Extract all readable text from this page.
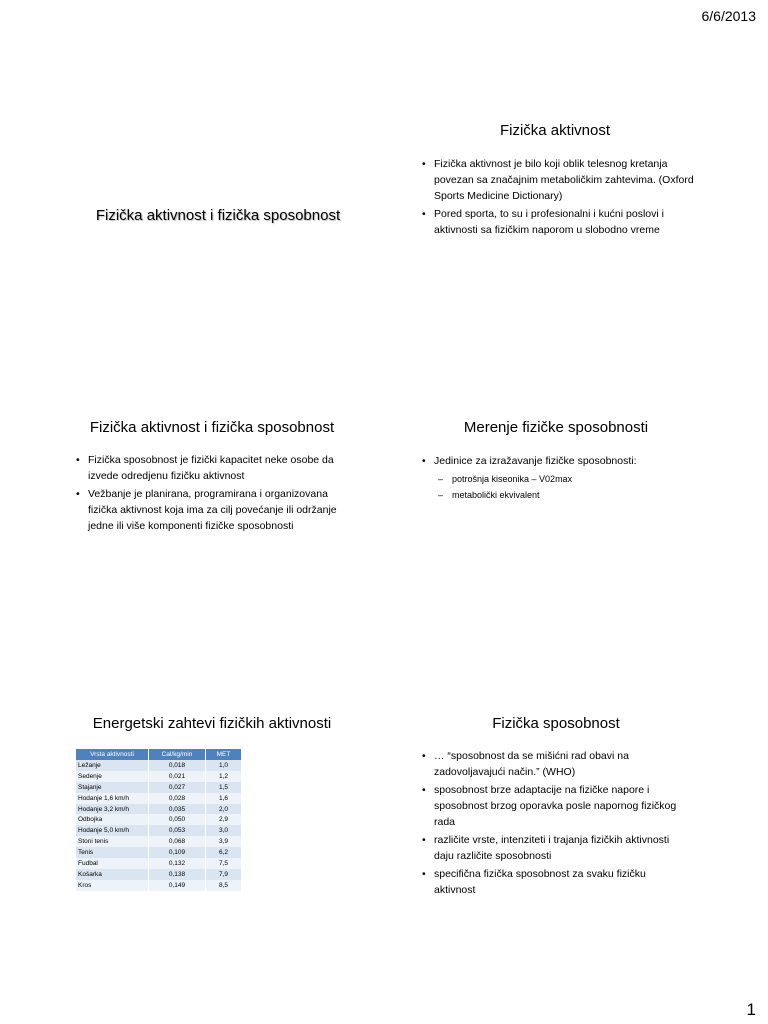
6/6/2013
Fizička aktivnost i fizička sposobnost
Fizička aktivnost
• Fizička aktivnost je bilo koji oblik telesnog kretanja povezan sa značajnim metaboličkim zahtevima. (Oxford Sports Medicine Dictionary)
• Pored sporta, to su i profesionalni i kućni poslovi i aktivnosti sa fizičkim naporom u slobodno vreme
Fizička aktivnost i fizička sposobnost
• Fizička sposobnost je fizički kapacitet neke osobe da izvede odredjenu fizičku aktivnost
• Vežbanje je planirana, programirana i organizovana fizička aktivnost koja ima za cilj povećanje ili održanje jedne ili više komponenti fizičke sposobnosti
Merenje fizičke sposobnosti
• Jedinice za izražavanje fizičke sposobnosti:
– potrošnja kiseonika – V02max
– metabolički ekvivalent
Energetski zahtevi fizičkih aktivnosti
Vrsta aktivnosti	Cal/kg/min	MET
Ležanje	0,018	1,0
Sedenje	0,021	1,2
Stajanje	0,027	1,5
Hodanje 1,6 km/h	0,028	1,6
Hodanje 3,2 km/h	0,035	2,0
Odbojka	0,050	2,9
Hodanje 5,0 km/h	0,053	3,0
Stoni tenis	0,068	3,9
Tenis	0,109	6,2
Fudbal	0,132	7,5
Košarka	0,138	7,9
Kros	0,149	8,5
Fizička sposobnost
• … “sposobnost da se mišićni rad obavi na zadovoljavajući način.” (WHO)
• sposobnost brze adaptacije na fizičke napore i sposobnost brzog oporavka posle napornog fizičkog rada
• različite vrste, intenziteti i trajanja fizičkih aktivnosti daju različite sposobnosti
• specifična fizička sposobnost za svaku fizičku aktivnost
1
